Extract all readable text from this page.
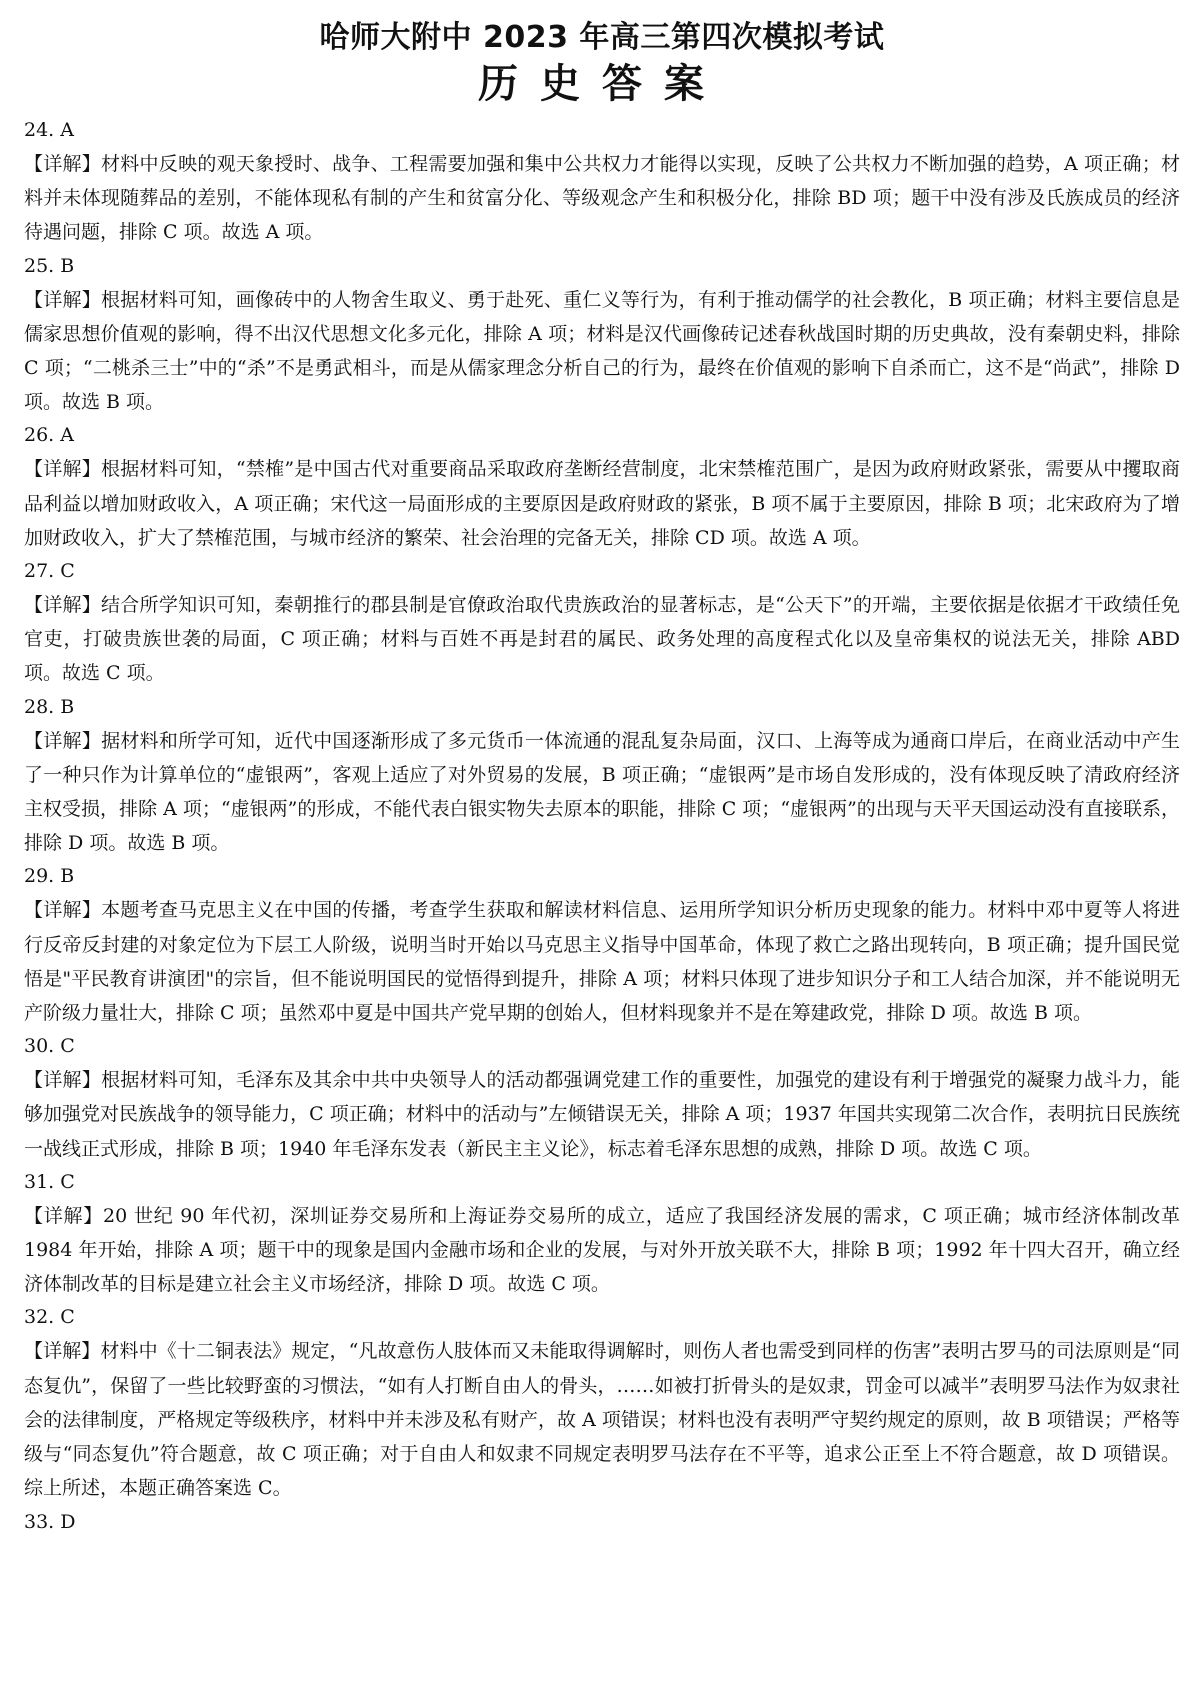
哈师大附中 2023 年高三第四次模拟考试
历史答案

24. A

【详解】材料中反映的观天象授时、战争、工程需要加强和集中公共权力才能得以实现，反映了公共权力不断加强的趋势，A 项正确；材料并未体现随葬品的差别，不能体现私有制的产生和贫富分化、等级观念产生和积极分化，排除 BD 项；题干中没有涉及氏族成员的经济待遇问题，排除 C 项。故选 A 项。

25. B

【详解】根据材料可知，画像砖中的人物舍生取义、勇于赴死、重仁义等行为，有利于推动儒学的社会教化，B 项正确；材料主要信息是儒家思想价值观的影响，得不出汉代思想文化多元化，排除 A 项；材料是汉代画像砖记述春秋战国时期的历史典故，没有秦朝史料，排除 C 项；“二桃杀三士”中的“杀”不是勇武相斗，而是从儒家理念分析自己的行为，最终在价值观的影响下自杀而亡，这不是“尚武”，排除 D 项。故选 B 项。

26. A

【详解】根据材料可知，“禁榷”是中国古代对重要商品采取政府垄断经营制度，北宋禁榷范围广，是因为政府财政紧张，需要从中攫取商品利益以增加财政收入，A 项正确；宋代这一局面形成的主要原因是政府财政的紧张，B 项不属于主要原因，排除 B 项；北宋政府为了增加财政收入，扩大了禁榷范围，与城市经济的繁荣、社会治理的完备无关，排除 CD 项。故选 A 项。

27. C

【详解】结合所学知识可知，秦朝推行的郡县制是官僚政治取代贵族政治的显著标志，是“公天下”的开端，主要依据是依据才干政绩任免官吏，打破贵族世袭的局面，C 项正确；材料与百姓不再是封君的属民、政务处理的高度程式化以及皇帝集权的说法无关，排除 ABD 项。故选 C 项。

28. B

【详解】据材料和所学可知，近代中国逐渐形成了多元货币一体流通的混乱复杂局面，汉口、上海等成为通商口岸后，在商业活动中产生了一种只作为计算单位的“虚银两”，客观上适应了对外贸易的发展，B 项正确；“虚银两”是市场自发形成的，没有体现反映了清政府经济主权受损，排除 A 项；“虚银两”的形成，不能代表白银实物失去原本的职能，排除 C 项；“虚银两”的出现与天平天国运动没有直接联系，排除 D 项。故选 B 项。

29. B

【详解】本题考查马克思主义在中国的传播，考查学生获取和解读材料信息、运用所学知识分析历史现象的能力。材料中邓中夏等人将进行反帝反封建的对象定位为下层工人阶级，说明当时开始以马克思主义指导中国革命，体现了救亡之路出现转向，B 项正确；提升国民觉悟是"平民教育讲演团"的宗旨，但不能说明国民的觉悟得到提升，排除 A 项；材料只体现了进步知识分子和工人结合加深，并不能说明无产阶级力量壮大，排除 C 项；虽然邓中夏是中国共产党早期的创始人，但材料现象并不是在筹建政党，排除 D 项。故选 B 项。

30. C

【详解】根据材料可知，毛泽东及其余中共中央领导人的活动都强调党建工作的重要性，加强党的建设有利于增强党的凝聚力战斗力，能够加强党对民族战争的领导能力，C 项正确；材料中的活动与”左倾错误无关，排除 A 项；1937 年国共实现第二次合作，表明抗日民族统一战线正式形成，排除 B 项；1940 年毛泽东发表（新民主主义论》，标志着毛泽东思想的成熟，排除 D 项。故选 C 项。

31. C

【详解】20 世纪 90 年代初，深圳证券交易所和上海证券交易所的成立，适应了我国经济发展的需求，C 项正确；城市经济体制改革 1984 年开始，排除 A 项；题干中的现象是国内金融市场和企业的发展，与对外开放关联不大，排除 B 项；1992 年十四大召开，确立经济体制改革的目标是建立社会主义市场经济，排除 D 项。故选 C 项。

32. C

【详解】材料中《十二铜表法》规定，“凡故意伤人肢体而又未能取得调解时，则伤人者也需受到同样的伤害”表明古罗马的司法原则是“同态复仇”，保留了一些比较野蛮的习惯法，“如有人打断自由人的骨头，……如被打折骨头的是奴隶，罚金可以减半”表明罗马法作为奴隶社会的法律制度，严格规定等级秩序，材料中并未涉及私有财产，故 A 项错误；材料也没有表明严守契约规定的原则，故 B 项错误；严格等级与“同态复仇”符合题意，故 C 项正确；对于自由人和奴隶不同规定表明罗马法存在不平等，追求公正至上不符合题意，故 D 项错误。综上所述，本题正确答案选 C。

33. D
